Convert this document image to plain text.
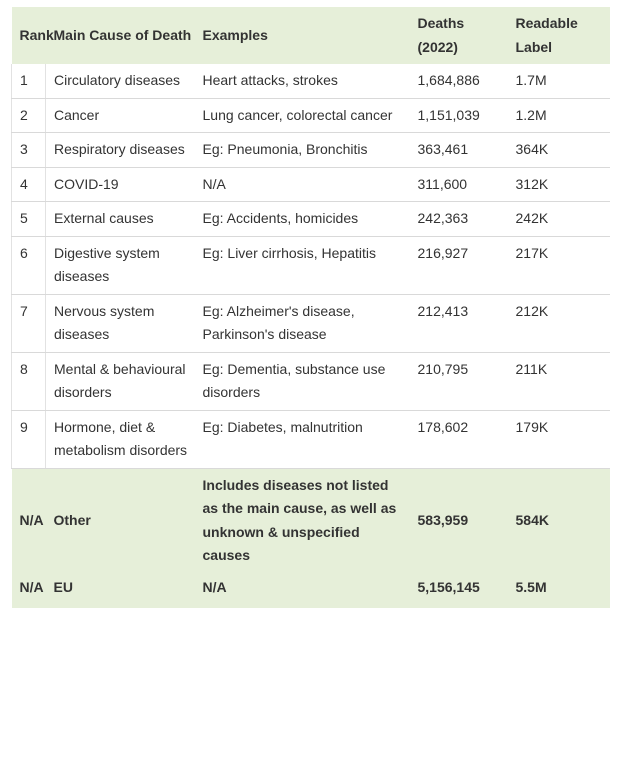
Rank	Main Cause of Death	Examples	Deaths (2022)	Readable Label
1	Circulatory diseases	Heart attacks, strokes	1,684,886	1.7M
2	Cancer	Lung cancer, colorectal cancer	1,151,039	1.2M
3	Respiratory diseases	Eg: Pneumonia, Bronchitis	363,461	364K
4	COVID-19	N/A	311,600	312K
5	External causes	Eg: Accidents, homicides	242,363	242K
6	Digestive system diseases	Eg: Liver cirrhosis, Hepatitis	216,927	217K
7	Nervous system diseases	Eg: Alzheimer's disease, Parkinson's disease	212,413	212K
8	Mental & behavioural disorders	Eg: Dementia, substance use disorders	210,795	211K
9	Hormone, diet & metabolism disorders	Eg: Diabetes, malnutrition	178,602	179K
N/A	Other	Includes diseases not listed as the main cause, as well as unknown & unspecified causes	583,959	584K
N/A	EU	N/A	5,156,145	5.5M
